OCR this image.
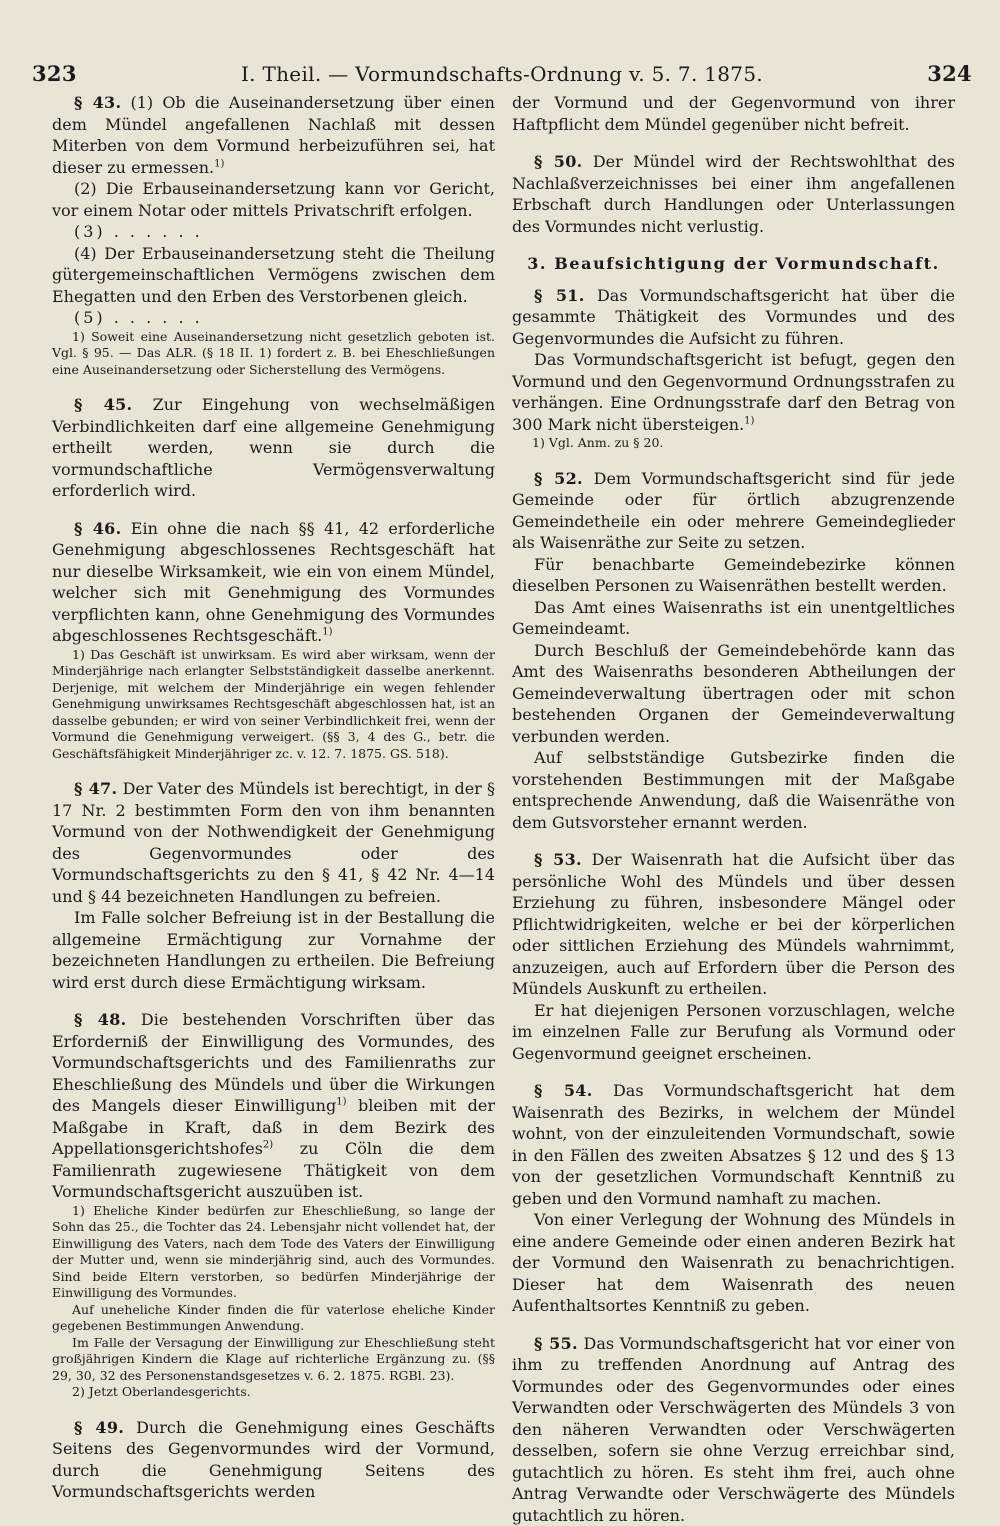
323	I. Theil. — Vormundschafts-Ordnung v. 5. 7. 1875.	324

§ 43. (1) Ob die Auseinandersetzung über einen dem Mündel angefallenen Nachlaß mit dessen Miterben von dem Vormund herbeizuführen sei, hat dieser zu ermessen.$^{1)}$

(2) Die Erbauseinandersetzung kann vor Gericht, vor einem Notar oder mittels Privatschrift erfolgen.

(3) . . . . . .

(4) Der Erbauseinandersetzung steht die Theilung gütergemeinschaftlichen Vermögens zwischen dem Ehegatten und den Erben des Verstorbenen gleich.

(5) . . . . . .

1) Soweit eine Auseinandersetzung nicht gesetzlich geboten ist. Vgl. § 95. — Das ALR. (§ 18 II. 1) fordert z. B. bei Eheschließungen eine Auseinandersetzung oder Sicherstellung des Vermögens.

§ 45. Zur Eingehung von wechselmäßigen Verbindlichkeiten darf eine allgemeine Genehmigung ertheilt werden, wenn sie durch die vormundschaftliche Vermögensverwaltung erforderlich wird.

§ 46. Ein ohne die nach §§ 41, 42 erforderliche Genehmigung abgeschlossenes Rechtsgeschäft hat nur dieselbe Wirksamkeit, wie ein von einem Mündel, welcher sich mit Genehmigung des Vormundes verpflichten kann, ohne Genehmigung des Vormundes abgeschlossenes Rechtsgeschäft.$^{1)}$

1) Das Geschäft ist unwirksam. Es wird aber wirksam, wenn der Minderjährige nach erlangter Selbstständigkeit dasselbe anerkennt. Derjenige, mit welchem der Minderjährige ein wegen fehlender Genehmigung unwirksames Rechtsgeschäft abgeschlossen hat, ist an dasselbe gebunden; er wird von seiner Verbindlichkeit frei, wenn der Vormund die Genehmigung verweigert. (§§ 3, 4 des G., betr. die Geschäftsfähigkeit Minderjähriger zc. v. 12. 7. 1875. GS. 518).

§ 47. Der Vater des Mündels ist berechtigt, in der § 17 Nr. 2 bestimmten Form den von ihm benannten Vormund von der Nothwendigkeit der Genehmigung des Gegenvormundes oder des Vormundschaftsgerichts zu den § 41, § 42 Nr. 4—14 und § 44 bezeichneten Handlungen zu befreien.

Im Falle solcher Befreiung ist in der Bestallung die allgemeine Ermächtigung zur Vornahme der bezeichneten Handlungen zu ertheilen. Die Befreiung wird erst durch diese Ermächtigung wirksam.

§ 48. Die bestehenden Vorschriften über das Erforderniß der Einwilligung des Vormundes, des Vormundschaftsgerichts und des Familienraths zur Eheschließung des Mündels und über die Wirkungen des Mangels dieser Einwilligung$^{1)}$ bleiben mit der Maßgabe in Kraft, daß in dem Bezirk des Appellationsgerichtshofes$^{2)}$ zu Cöln die dem Familienrath zugewiesene Thätigkeit von dem Vormundschaftsgericht auszuüben ist.

1) Eheliche Kinder bedürfen zur Eheschließung, so lange der Sohn das 25., die Tochter das 24. Lebensjahr nicht vollendet hat, der Einwilligung des Vaters, nach dem Tode des Vaters der Einwilligung der Mutter und, wenn sie minderjährig sind, auch des Vormundes. Sind beide Eltern verstorben, so bedürfen Minderjährige der Einwilligung des Vormundes.

Auf uneheliche Kinder finden die für vaterlose eheliche Kinder gegebenen Bestimmungen Anwendung.

Im Falle der Versagung der Einwilligung zur Eheschließung steht großjährigen Kindern die Klage auf richterliche Ergänzung zu. (§§ 29, 30, 32 des Personenstandsgesetzes v. 6. 2. 1875. RGBl. 23).

2) Jetzt Oberlandesgerichts.

§ 49. Durch die Genehmigung eines Geschäfts Seitens des Gegenvormundes wird der Vormund, durch die Genehmigung Seitens des Vormundschaftsgerichts werden

der Vormund und der Gegenvormund von ihrer Haftpflicht dem Mündel gegenüber nicht befreit.

§ 50. Der Mündel wird der Rechtswohlthat des Nachlaßverzeichnisses bei einer ihm angefallenen Erbschaft durch Handlungen oder Unterlassungen des Vormundes nicht verlustig.

3. Beaufsichtigung der Vormundschaft.

§ 51. Das Vormundschaftsgericht hat über die gesammte Thätigkeit des Vormundes und des Gegenvormundes die Aufsicht zu führen.

Das Vormundschaftsgericht ist befugt, gegen den Vormund und den Gegenvormund Ordnungsstrafen zu verhängen. Eine Ordnungsstrafe darf den Betrag von 300 Mark nicht übersteigen.$^{1)}$

1) Vgl. Anm. zu § 20.

§ 52. Dem Vormundschaftsgericht sind für jede Gemeinde oder für örtlich abzugrenzende Gemeindetheile ein oder mehrere Gemeindeglieder als Waisenräthe zur Seite zu setzen.

Für benachbarte Gemeindebezirke können dieselben Personen zu Waisenräthen bestellt werden.

Das Amt eines Waisenraths ist ein unentgeltliches Gemeindeamt.

Durch Beschluß der Gemeindebehörde kann das Amt des Waisenraths besonderen Abtheilungen der Gemeindeverwaltung übertragen oder mit schon bestehenden Organen der Gemeindeverwaltung verbunden werden.

Auf selbstständige Gutsbezirke finden die vorstehenden Bestimmungen mit der Maßgabe entsprechende Anwendung, daß die Waisenräthe von dem Gutsvorsteher ernannt werden.

§ 53. Der Waisenrath hat die Aufsicht über das persönliche Wohl des Mündels und über dessen Erziehung zu führen, insbesondere Mängel oder Pflichtwidrigkeiten, welche er bei der körperlichen oder sittlichen Erziehung des Mündels wahrnimmt, anzuzeigen, auch auf Erfordern über die Person des Mündels Auskunft zu ertheilen.

Er hat diejenigen Personen vorzuschlagen, welche im einzelnen Falle zur Berufung als Vormund oder Gegenvormund geeignet erscheinen.

§ 54. Das Vormundschaftsgericht hat dem Waisenrath des Bezirks, in welchem der Mündel wohnt, von der einzuleitenden Vormundschaft, sowie in den Fällen des zweiten Absatzes § 12 und des § 13 von der gesetzlichen Vormundschaft Kenntniß zu geben und den Vormund namhaft zu machen.

Von einer Verlegung der Wohnung des Mündels in eine andere Gemeinde oder einen anderen Bezirk hat der Vormund den Waisenrath zu benachrichtigen. Dieser hat dem Waisenrath des neuen Aufenthaltsortes Kenntniß zu geben.

§ 55. Das Vormundschaftsgericht hat vor einer von ihm zu treffenden Anordnung auf Antrag des Vormundes oder des Gegenvormundes oder eines Verwandten oder Verschwägerten des Mündels 3 von den näheren Verwandten oder Verschwägerten desselben, sofern sie ohne Verzug erreichbar sind, gutachtlich zu hören. Es steht ihm frei, auch ohne Antrag Verwandte oder Verschwägerte des Mündels gutachtlich zu hören.
